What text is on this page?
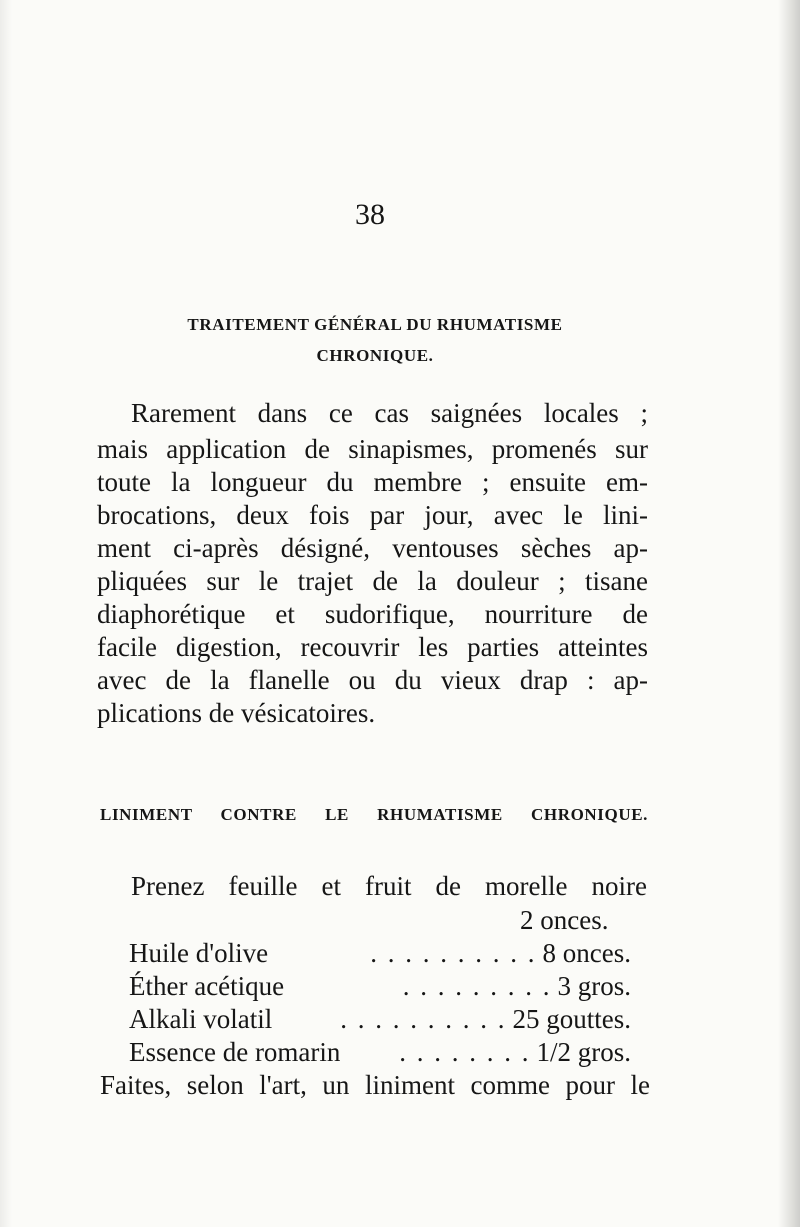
38
TRAITEMENT GÉNÉRAL DU RHUMATISME
CHRONIQUE.
Rarement dans ce cas saignées locales ;
mais application de sinapismes, promenés sur
toute la longueur du membre ; ensuite em-
brocations, deux fois par jour, avec le lini-
ment ci-après désigné, ventouses sèches ap-
pliquées sur le trajet de la douleur ; tisane
diaphorétique et sudorifique, nourriture de
facile digestion, recouvrir les parties atteintes
avec de la flanelle ou du vieux drap : ap-
plications de vésicatoires.
LINIMENT CONTRE LE RHUMATISME CHRONIQUE.
Prenez feuille et fruit de morelle noire
2 onces.
Huile d'olive	. . . . . . . . . . 8 onces.
Éther acétique	. . . . . . . . . 3 gros.
Alkali volatil	. . . . . . . . . . 25 gouttes.
Essence de romarin	. . . . . . . . 1/2 gros.
Faites, selon l'art, un liniment comme pour le
